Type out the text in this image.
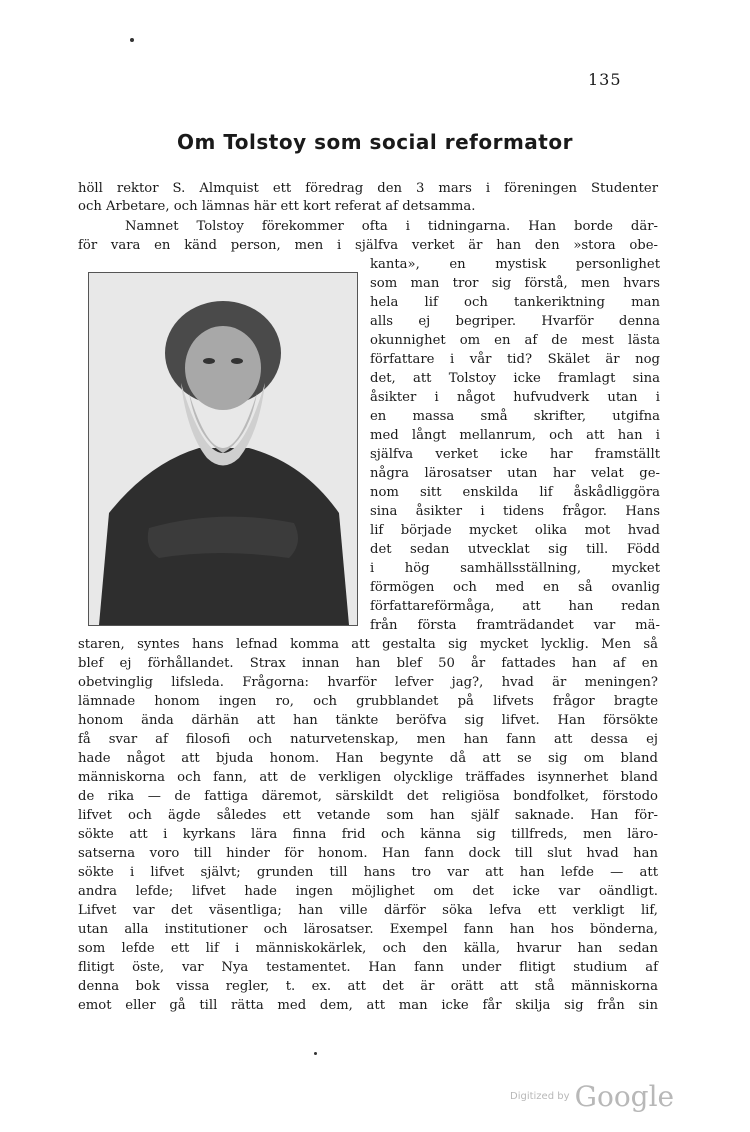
135
Om Tolstoy som social reformator
höll rektor S. Almquist ett föredrag den 3 mars i föreningen Studenter
och Arbetare, och lämnas här ett kort referat af detsamma.
Namnet Tolstoy förekommer ofta i tidningarna. Han borde där-
för vara en känd person, men i själfva verket är han den »stora obe-
kanta», en mystisk personlighet
som man tror sig förstå, men hvars
hela lif och tankeriktning man
alls ej begriper. Hvarför denna
okunnighet om en af de mest lästa
författare i vår tid? Skälet är nog
det, att Tolstoy icke framlagt sina
åsikter i något hufvudverk utan i
en massa små skrifter, utgifna
med långt mellanrum, och att han i
själfva verket icke har framställt
några lärosatser utan har velat ge-
nom sitt enskilda lif åskådliggöra
sina åsikter i tidens frågor. Hans
lif började mycket olika mot hvad
det sedan utvecklat sig till. Född
i hög samhällsställning, mycket
förmögen och med en så ovanlig
författareförmåga, att han redan
från första framträdandet var mä-
staren, syntes hans lefnad komma att gestalta sig mycket lycklig. Men så
blef ej förhållandet. Strax innan han blef 50 år fattades han af en
obetvinglig lifsleda. Frågorna: hvarför lefver jag?, hvad är meningen?
lämnade honom ingen ro, och grubblandet på lifvets frågor bragte
honom ända därhän att han tänkte beröfva sig lifvet. Han försökte
få svar af filosofi och naturvetenskap, men han fann att dessa ej
hade något att bjuda honom. Han begynte då att se sig om bland
människorna och fann, att de verkligen olycklige träffades isynnerhet bland
de rika — de fattiga däremot, särskildt det religiösa bondfolket, förstodo
lifvet och ägde således ett vetande som han själf saknade. Han för-
sökte att i kyrkans lära finna frid och känna sig tillfreds, men läro-
satserna voro till hinder för honom. Han fann dock till slut hvad han
sökte i lifvet självt; grunden till hans tro var att han lefde — att
andra lefde; lifvet hade ingen möjlighet om det icke var oändligt.
Lifvet var det väsentliga; han ville därför söka lefva ett verkligt lif,
utan alla institutioner och lärosatser. Exempel fann han hos bönderna,
som lefde ett lif i människokärlek, och den källa, hvarur han sedan
flitigt öste, var Nya testamentet. Han fann under flitigt studium af
denna bok vissa regler, t. ex. att det är orätt att stå människorna
emot eller gå till rätta med dem, att man icke får skilja sig från sin
Digitized by Google
